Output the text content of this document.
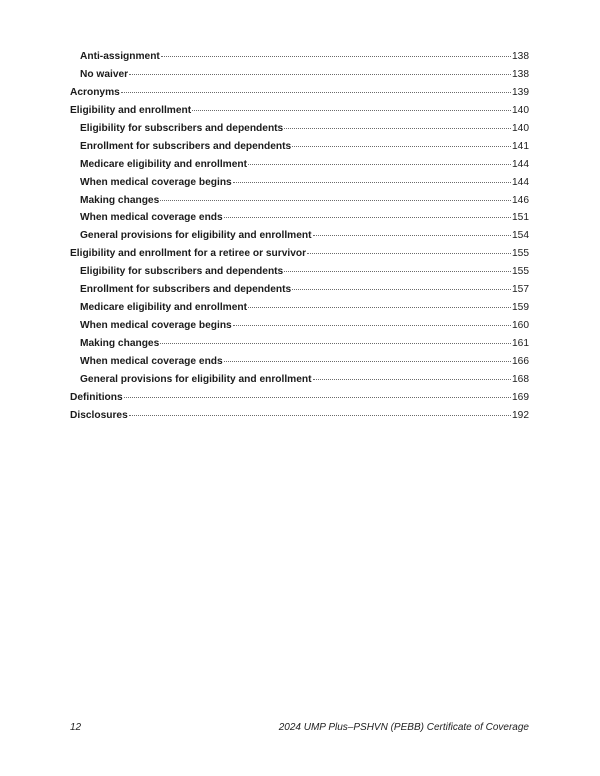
Anti-assignment	138
No waiver	138
Acronyms	139
Eligibility and enrollment	140
Eligibility for subscribers and dependents	140
Enrollment for subscribers and dependents	141
Medicare eligibility and enrollment	144
When medical coverage begins	144
Making changes	146
When medical coverage ends	151
General provisions for eligibility and enrollment	154
Eligibility and enrollment for a retiree or survivor	155
Eligibility for subscribers and dependents	155
Enrollment for subscribers and dependents	157
Medicare eligibility and enrollment	159
When medical coverage begins	160
Making changes	161
When medical coverage ends	166
General provisions for eligibility and enrollment	168
Definitions	169
Disclosures	192
12	2024 UMP Plus–PSHVN (PEBB) Certificate of Coverage
